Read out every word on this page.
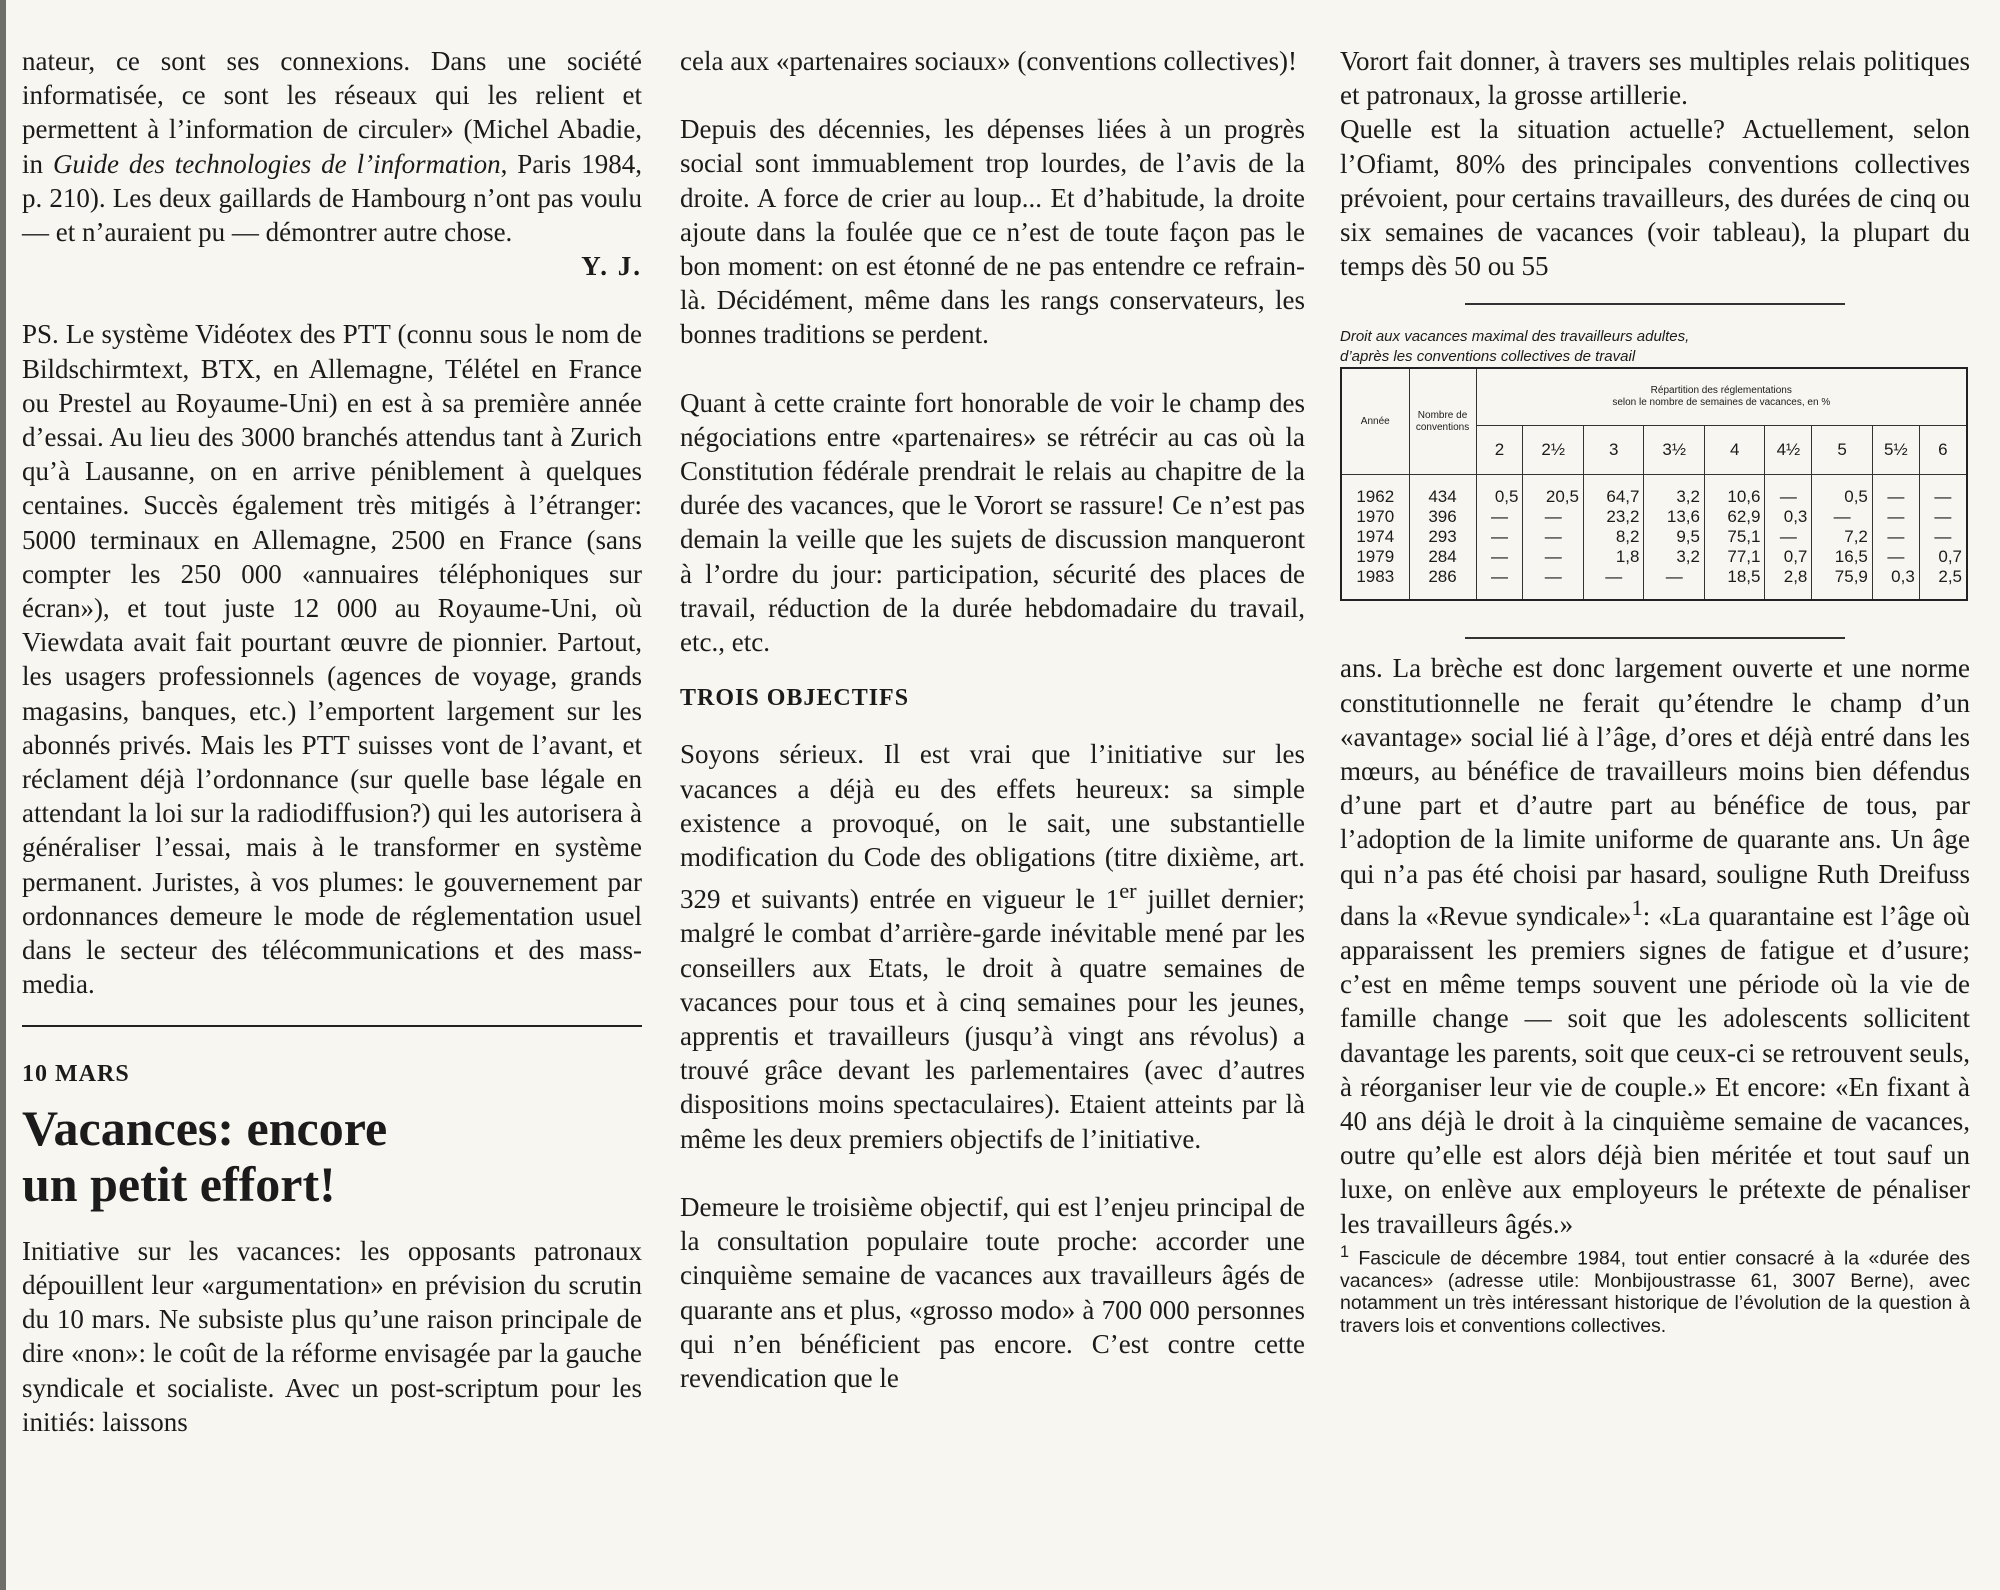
nateur, ce sont ses connexions. Dans une société informatisée, ce sont les réseaux qui les relient et permettent à l’information de circuler» (Michel Abadie, in Guide des technologies de l’information, Paris 1984, p. 210). Les deux gaillards de Hambourg n’ont pas voulu — et n’auraient pu — démontrer autre chose.

Y. J.

PS. Le système Vidéotex des PTT (connu sous le nom de Bildschirmtext, BTX, en Allemagne, Télétel en France ou Prestel au Royaume-Uni) en est à sa première année d’essai. Au lieu des 3000 branchés attendus tant à Zurich qu’à Lausanne, on en arrive péniblement à quelques centaines. Succès également très mitigés à l’étranger: 5000 terminaux en Allemagne, 2500 en France (sans compter les 250 000 «annuaires téléphoniques sur écran»), et tout juste 12 000 au Royaume-Uni, où Viewdata avait fait pourtant œuvre de pionnier. Partout, les usagers professionnels (agences de voyage, grands magasins, banques, etc.) l’emportent largement sur les abonnés privés. Mais les PTT suisses vont de l’avant, et réclament déjà l’ordonnance (sur quelle base légale en attendant la loi sur la radiodiffusion?) qui les autorisera à généraliser l’essai, mais à le transformer en système permanent. Juristes, à vos plumes: le gouvernement par ordonnances demeure le mode de réglementation usuel dans le secteur des télécommunications et des mass-media.

10 MARS

Vacances: encore
un petit effort!

Initiative sur les vacances: les opposants patronaux dépouillent leur «argumentation» en prévision du scrutin du 10 mars. Ne subsiste plus qu’une raison principale de dire «non»: le coût de la réforme envisagée par la gauche syndicale et socialiste. Avec un post-scriptum pour les initiés: laissons

cela aux «partenaires sociaux» (conventions collectives)!

Depuis des décennies, les dépenses liées à un progrès social sont immuablement trop lourdes, de l’avis de la droite. A force de crier au loup... Et d’habitude, la droite ajoute dans la foulée que ce n’est de toute façon pas le bon moment: on est étonné de ne pas entendre ce refrain-là. Décidément, même dans les rangs conservateurs, les bonnes traditions se perdent.

Quant à cette crainte fort honorable de voir le champ des négociations entre «partenaires» se rétrécir au cas où la Constitution fédérale prendrait le relais au chapitre de la durée des vacances, que le Vorort se rassure! Ce n’est pas demain la veille que les sujets de discussion manqueront à l’ordre du jour: participation, sécurité des places de travail, réduction de la durée hebdomadaire du travail, etc., etc.

TROIS OBJECTIFS

Soyons sérieux. Il est vrai que l’initiative sur les vacances a déjà eu des effets heureux: sa simple existence a provoqué, on le sait, une substantielle modification du Code des obligations (titre dixième, art. 329 et suivants) entrée en vigueur le 1er juillet dernier; malgré le combat d’arrière-garde inévitable mené par les conseillers aux Etats, le droit à quatre semaines de vacances pour tous et à cinq semaines pour les jeunes, apprentis et travailleurs (jusqu’à vingt ans révolus) a trouvé grâce devant les parlementaires (avec d’autres dispositions moins spectaculaires). Etaient atteints par là même les deux premiers objectifs de l’initiative.

Demeure le troisième objectif, qui est l’enjeu principal de la consultation populaire toute proche: accorder une cinquième semaine de vacances aux travailleurs âgés de quarante ans et plus, «grosso modo» à 700 000 personnes qui n’en bénéficient pas encore. C’est contre cette revendication que le

Vorort fait donner, à travers ses multiples relais politiques et patronaux, la grosse artillerie.

Quelle est la situation actuelle? Actuellement, selon l’Ofiamt, 80% des principales conventions collectives prévoient, pour certains travailleurs, des durées de cinq ou six semaines de vacances (voir tableau), la plupart du temps dès 50 ou 55

Droit aux vacances maximal des travailleurs adultes,
d’après les conventions collectives de travail

Année	Nombre de conventions	Répartition des réglementations
selon le nombre de semaines de vacances, en %								
		2	2½	3	3½	4	4½	5	5½	6

1962	434	0,5	20,5	64,7	3,2	10,6	—	0,5	—	—
1970	396	—	—	23,2	13,6	62,9	0,3	—	—	—
1974	293	—	—	8,2	9,5	75,1	—	7,2	—	—
1979	284	—	—	1,8	3,2	77,1	0,7	16,5	—	0,7
1983	286	—	—	—	—	18,5	2,8	75,9	0,3	2,5

ans. La brèche est donc largement ouverte et une norme constitutionnelle ne ferait qu’étendre le champ d’un «avantage» social lié à l’âge, d’ores et déjà entré dans les mœurs, au bénéfice de travailleurs moins bien défendus d’une part et d’autre part au bénéfice de tous, par l’adoption de la limite uniforme de quarante ans. Un âge qui n’a pas été choisi par hasard, souligne Ruth Dreifuss dans la «Revue syndicale»$^1$: «La quarantaine est l’âge où apparaissent les premiers signes de fatigue et d’usure; c’est en même temps souvent une période où la vie de famille change — soit que les adolescents sollicitent davantage les parents, soit que ceux-ci se retrouvent seuls, à réorganiser leur vie de couple.» Et encore: «En fixant à 40 ans déjà le droit à la cinquième semaine de vacances, outre qu’elle est alors déjà bien méritée et tout sauf un luxe, on enlève aux employeurs le prétexte de pénaliser les travailleurs âgés.»

$^1$ Fascicule de décembre 1984, tout entier consacré à la «durée des vacances» (adresse utile: Monbijoustrasse 61, 3007 Berne), avec notamment un très intéressant historique de l’évolution de la question à travers lois et conventions collectives.
